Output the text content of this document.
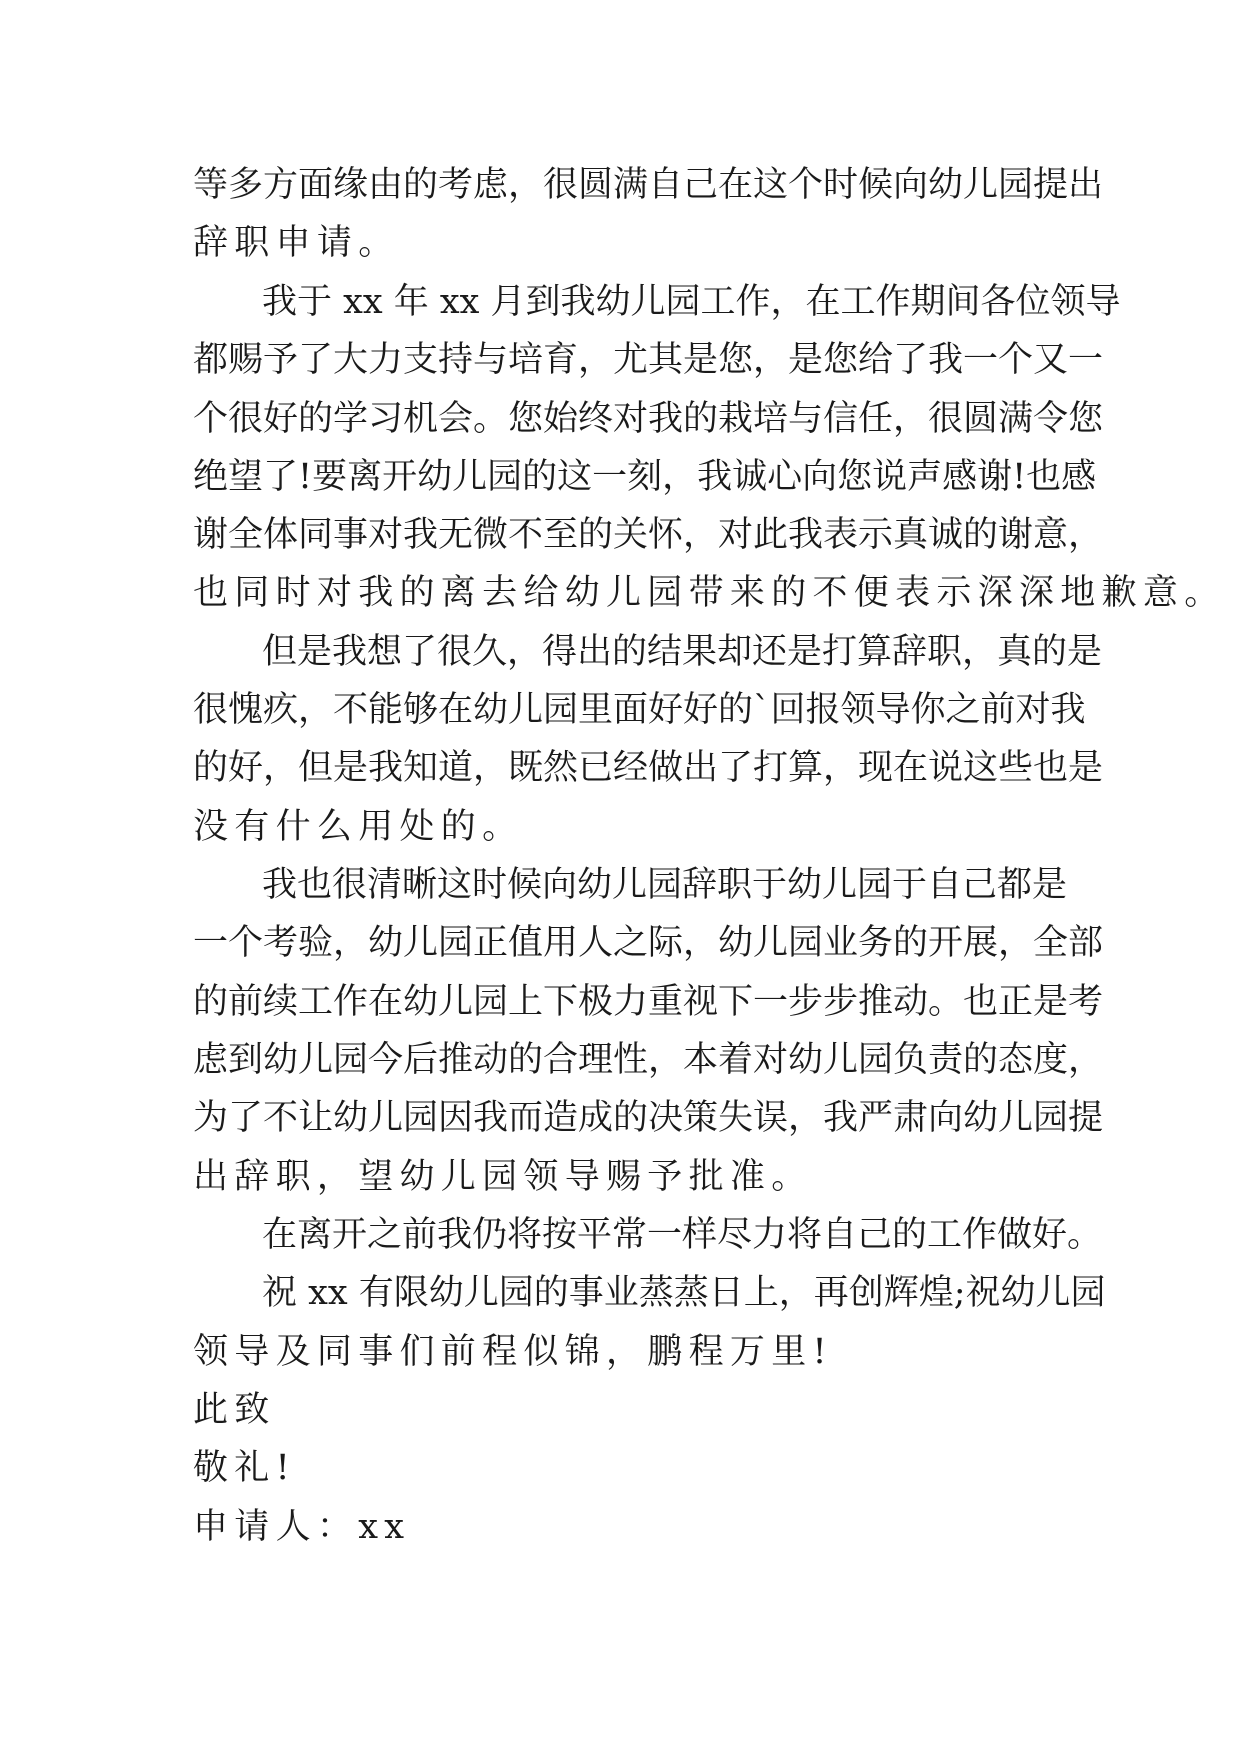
等多方面缘由的考虑，很圆满自己在这个时候向幼儿园提出
辞职申请。
我于 xx 年 xx 月到我幼儿园工作，在工作期间各位领导
都赐予了大力支持与培育，尤其是您，是您给了我一个又一
个很好的学习机会。您始终对我的栽培与信任，很圆满令您
绝望了!要离开幼儿园的这一刻，我诚心向您说声感谢!也感
谢全体同事对我无微不至的关怀，对此我表示真诚的谢意，
也同时对我的离去给幼儿园带来的不便表示深深地歉意。
但是我想了很久，得出的结果却还是打算辞职，真的是
很愧疚，不能够在幼儿园里面好好的`回报领导你之前对我
的好，但是我知道，既然已经做出了打算，现在说这些也是
没有什么用处的。
我也很清晰这时候向幼儿园辞职于幼儿园于自己都是
一个考验，幼儿园正值用人之际，幼儿园业务的开展，全部
的前续工作在幼儿园上下极力重视下一步步推动。也正是考
虑到幼儿园今后推动的合理性，本着对幼儿园负责的态度，
为了不让幼儿园因我而造成的决策失误，我严肃向幼儿园提
出辞职，望幼儿园领导赐予批准。
在离开之前我仍将按平常一样尽力将自己的工作做好。
祝 xx 有限幼儿园的事业蒸蒸日上，再创辉煌;祝幼儿园
领导及同事们前程似锦，鹏程万里!
此致
敬礼!
申请人：xx
